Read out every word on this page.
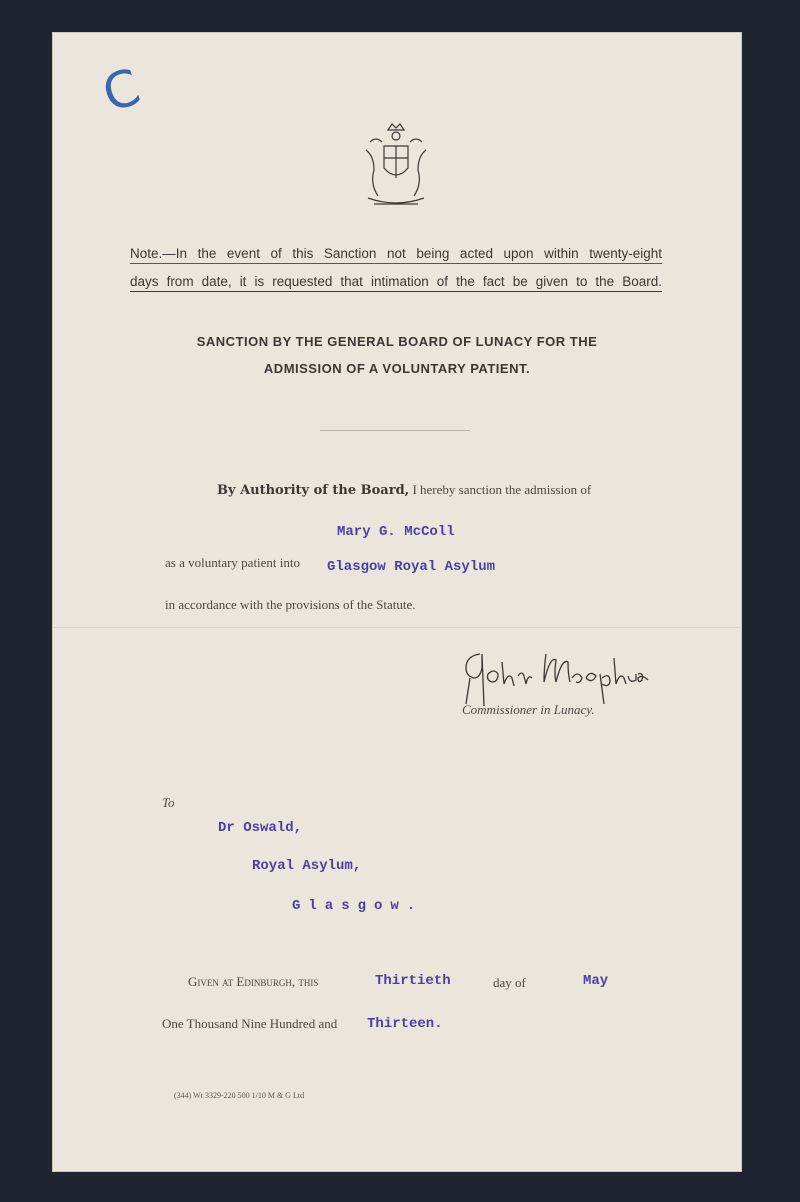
C
Note.—In the event of this Sanction not being acted upon within twenty-eight
days from date, it is requested that intimation of the fact be given to the Board.
SANCTION BY THE GENERAL BOARD OF LUNACY FOR THE
ADMISSION OF A VOLUNTARY PATIENT.
By Authority of the Board, I hereby sanction the admission of
Mary G. McColl
as a voluntary patient into Glasgow Royal Asylum
in accordance with the provisions of the Statute.
Commissioner in Lunacy.
To
Dr Oswald,
Royal Asylum,
Glasgow.
Given at Edinburgh, this	Thirtieth	day of	May
One Thousand Nine Hundred and Thirteen.
(344) Wt 3329-220 500 1/10 M & G Ltd
